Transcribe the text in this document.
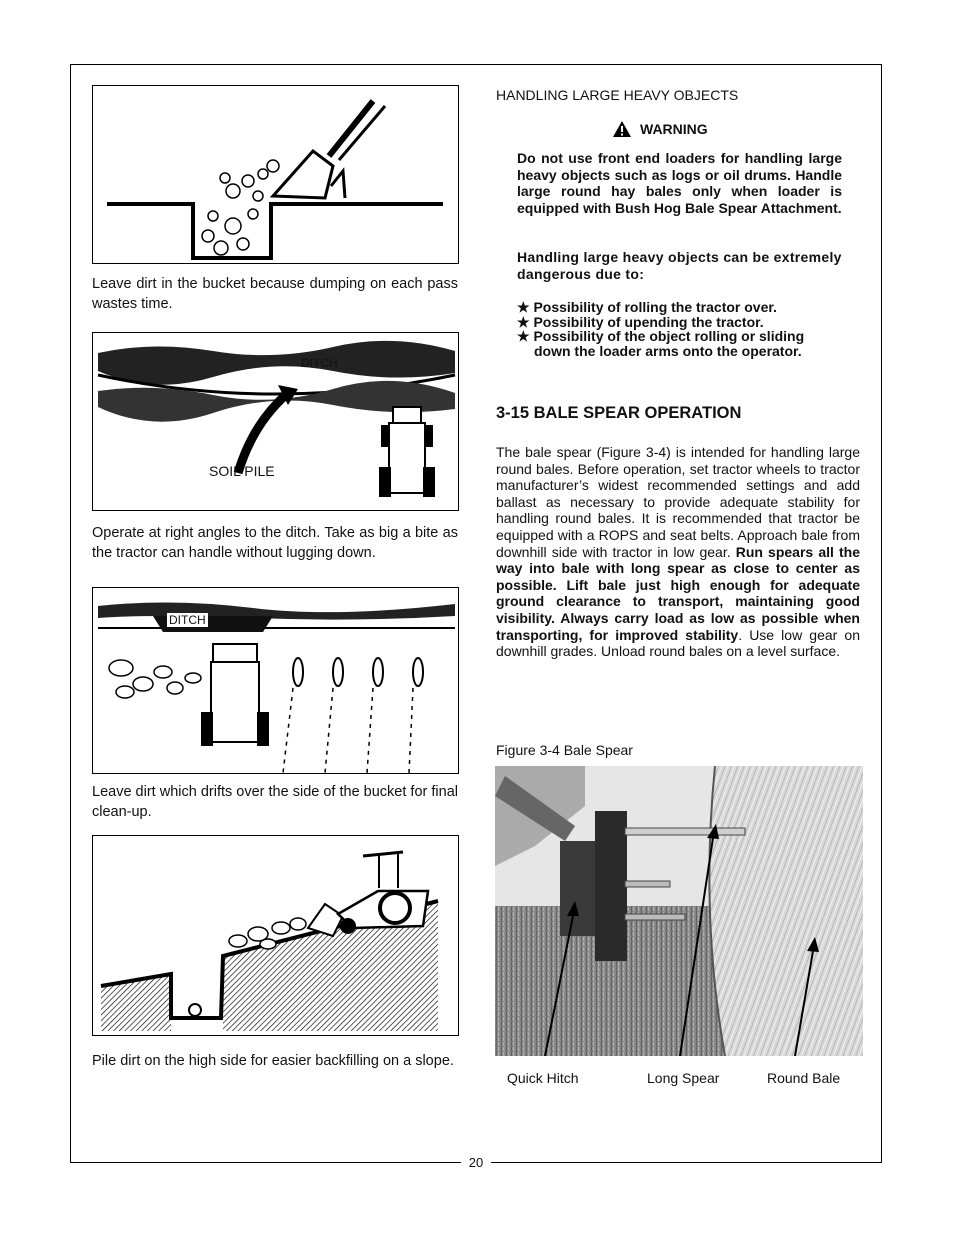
Leave dirt in the bucket because dumping on each pass wastes time.
DITCH
SOIL PILE
Operate at right angles to the ditch. Take as big a bite as the tractor can handle without lugging down.
DITCH
Leave dirt which drifts over the side of the bucket for final clean-up.
Pile dirt on the high side for easier backfilling on a slope.
HANDLING LARGE HEAVY OBJECTS
WARNING
Do not use front end loaders for handling large heavy objects such as logs or oil drums. Handle large round hay bales only when loader is equipped with Bush Hog Bale Spear Attachment.
Handling large heavy objects can be extremely dangerous due to:
★ Possibility of rolling the tractor over.
★ Possibility of upending the tractor.
★ Possibility of the object rolling or sliding
down the loader arms onto the operator.
3-15 BALE SPEAR OPERATION
The bale spear (Figure 3-4) is intended for handling large round bales. Before operation, set tractor wheels to tractor manufacturer’s widest recommended settings and add ballast as necessary to provide adequate stability for handling round bales. It is recommended that tractor be equipped with a ROPS and seat belts. Approach bale from downhill side with tractor in low gear. Run spears all the way into bale with long spear as close to center as possible. Lift bale just high enough for adequate ground clearance to transport, maintaining good visibility. Always carry load as low as possible when transporting, for improved stability. Use low gear on downhill grades. Unload round bales on a level surface.
Figure 3-4 Bale Spear
Quick Hitch	Long Spear	Round Bale
20
